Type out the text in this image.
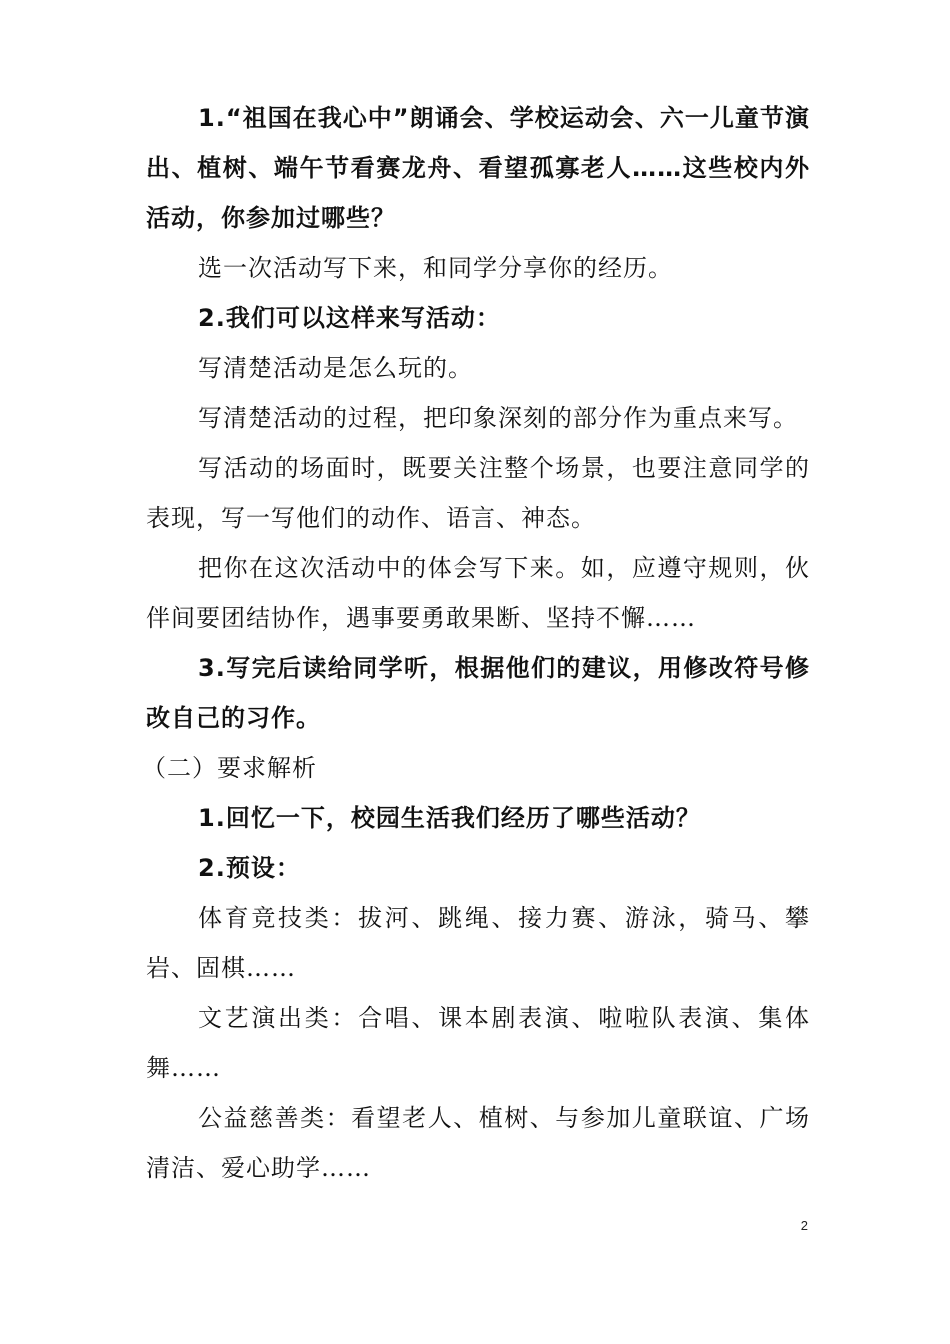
1.“祖国在我心中”朗诵会、学校运动会、六一儿童节演出、植树、端午节看赛龙舟、看望孤寡老人……这些校内外活动，你参加过哪些？

选一次活动写下来，和同学分享你的经历。

2.我们可以这样来写活动：

写清楚活动是怎么玩的。

写清楚活动的过程，把印象深刻的部分作为重点来写。

写活动的场面时，既要关注整个场景，也要注意同学的表现，写一写他们的动作、语言、神态。

把你在这次活动中的体会写下来。如，应遵守规则，伙伴间要团结协作，遇事要勇敢果断、坚持不懈……

3.写完后读给同学听，根据他们的建议，用修改符号修改自己的习作。

（二）要求解析

1.回忆一下，校园生活我们经历了哪些活动？

2.预设：

体育竞技类：拔河、跳绳、接力赛、游泳，骑马、攀岩、固棋……

文艺演出类：合唱、课本剧表演、啦啦队表演、集体舞……

公益慈善类：看望老人、植树、与参加儿童联谊、广场清洁、爱心助学……

2
